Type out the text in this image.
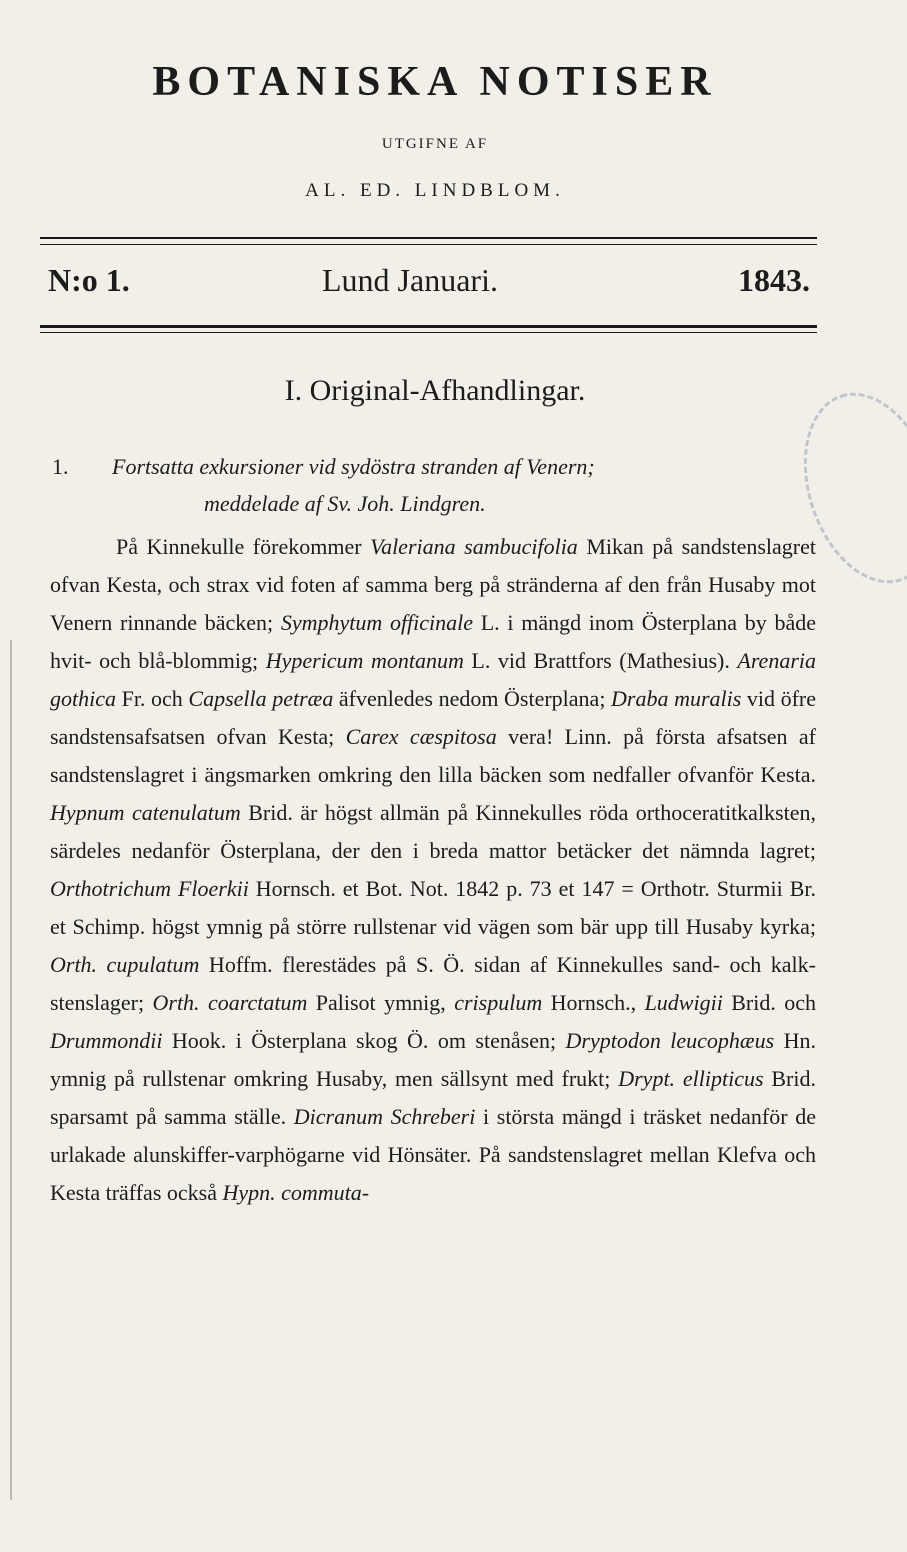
BOTANISKA NOTISER
UTGIFNE AF
AL. ED. LINDBLOM.
N:o 1.	Lund Januari.	1843.
I. Original-Afhandlingar.
1. Fortsatta exkursioner vid sydöstra stranden af Venern;
meddelade af Sv. Joh. Lindgren.

På Kinnekulle förekommer Valeriana sambucifolia Mikan på sandstenslagret ofvan Kesta, och strax vid foten af samma berg på stränderna af den från Husaby mot Venern rinnande bäcken; Symphytum officinale L. i mängd inom Österplana by både hvit- och blå-blommig; Hypericum montanum L. vid Brattfors (Mathesius). Arenaria gothica Fr. och Capsella petræa äfvenledes nedom Österplana; Draba muralis vid öfre sandstensafsatsen ofvan Kesta; Carex cæspitosa vera! Linn. på första afsatsen af sandstenslagret i ängsmarken omkring den lilla bäcken som nedfaller ofvanför Kesta. Hypnum catenulatum Brid. är högst allmän på Kinnekulles röda orthoceratitkalksten, särdeles nedanför Österplana, der den i breda mattor betäcker det nämnda lagret; Orthotrichum Floerkii Hornsch. et Bot. Not. 1842 p. 73 et 147 = Orthotr. Sturmii Br. et Schimp. högst ymnig på större rullstenar vid vägen som bär upp till Husaby kyrka; Orth. cupulatum Hoffm. flerestädes på S. Ö. sidan af Kinnekulles sand- och kalk-stenslager; Orth. coarctatum Palisot ymnig, crispulum Hornsch., Ludwigii Brid. och Drummondii Hook. i Österplana skog Ö. om stenåsen; Dryptodon leucophæus Hn. ymnig på rullstenar omkring Husaby, men sällsynt med frukt; Drypt. ellipticus Brid. sparsamt på samma ställe. Dicranum Schreberi i största mängd i träsket nedanför de urlakade alunskiffer-varphögarne vid Hönsäter. På sandstenslagret mellan Klefva och Kesta träffas också Hypn. commuta-
